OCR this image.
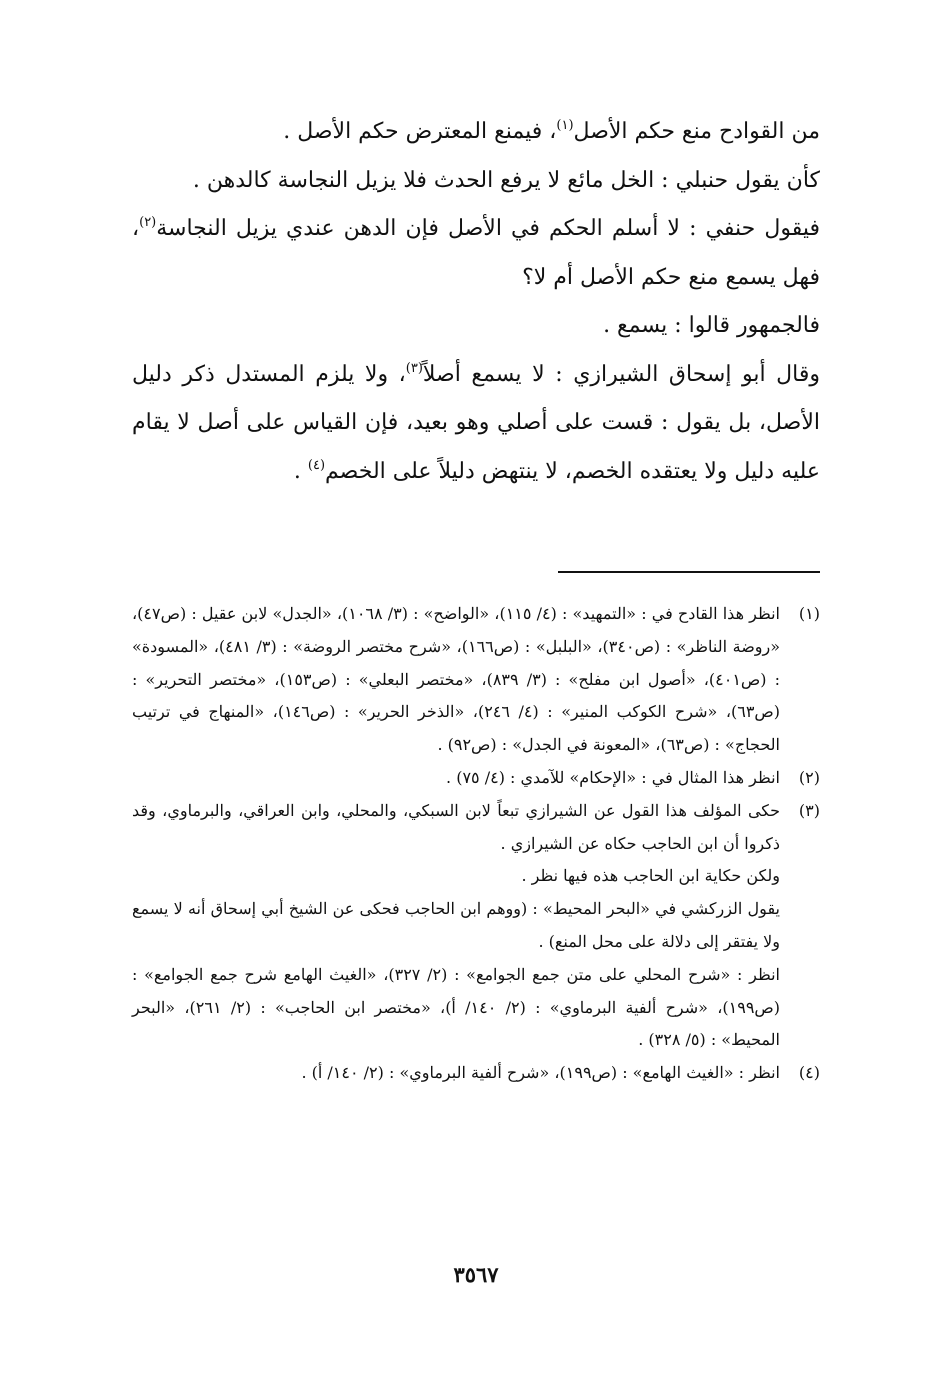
من القوادح منع حكم الأصل$^{(١)}$، فيمنع المعترض حكم الأصل .

كأن يقول حنبلي : الخل مائع لا يرفع الحدث فلا يزيل النجاسة كالدهن .

فيقول حنفي : لا أسلم الحكم في الأصل فإن الدهن عندي يزيل النجاسة$^{(٢)}$، فهل يسمع منع حكم الأصل أم لا؟

فالجمهور قالوا : يسمع .

وقال أبو إسحاق الشيرازي : لا يسمع أصلاً$^{(٣)}$، ولا يلزم المستدل ذكر دليل الأصل، بل يقول : قست على أصلي وهو بعيد، فإن القياس على أصل لا يقام عليه دليل ولا يعتقده الخصم، لا ينتهض دليلاً على الخصم$^{(٤)}$ .

(١)

انظر هذا القادح في : «التمهيد» : (٤/ ١١٥)، «الواضح» : (٣/ ١٠٦٨)، «الجدل» لابن عقيل : (ص٤٧)، «روضة الناظر» : (ص٣٤٠)، «البلبل» : (ص١٦٦)، «شرح مختصر الروضة» : (٣/ ٤٨١)، «المسودة» : (ص٤٠١)، «أصول ابن مفلح» : (٣/ ٨٣٩)، «مختصر البعلي» : (ص١٥٣)، «مختصر التحرير» : (ص٦٣)، «شرح الكوكب المنير» : (٤/ ٢٤٦)، «الذخر الحرير» : (ص١٤٦)، «المنهاج في ترتيب الحجاج» : (ص٦٣)، «المعونة في الجدل» : (ص٩٢) .

(٢)

انظر هذا المثال في : «الإحكام» للآمدي : (٤/ ٧٥) .

(٣)

حكى المؤلف هذا القول عن الشيرازي تبعاً لابن السبكي، والمحلي، وابن العراقي، والبرماوي، وقد ذكروا أن ابن الحاجب حكاه عن الشيرازي .

ولكن حكاية ابن الحاجب هذه فيها نظر .

يقول الزركشي في «البحر المحيط» : (ووهم ابن الحاجب فحكى عن الشيخ أبي إسحاق أنه لا يسمع ولا يفتقر إلى دلالة على محل المنع) .

انظر : «شرح المحلي على متن جمع الجوامع» : (٢/ ٣٢٧)، «الغيث الهامع شرح جمع الجوامع» : (ص١٩٩)، «شرح ألفية البرماوي» : (٢/ ١٤٠/ أ)، «مختصر ابن الحاجب» : (٢/ ٢٦١)، «البحر المحيط» : (٥/ ٣٢٨) .

(٤)

انظر : «الغيث الهامع» : (ص١٩٩)، «شرح ألفية البرماوي» : (٢/ ١٤٠/ أ) .

٣٥٦٧
